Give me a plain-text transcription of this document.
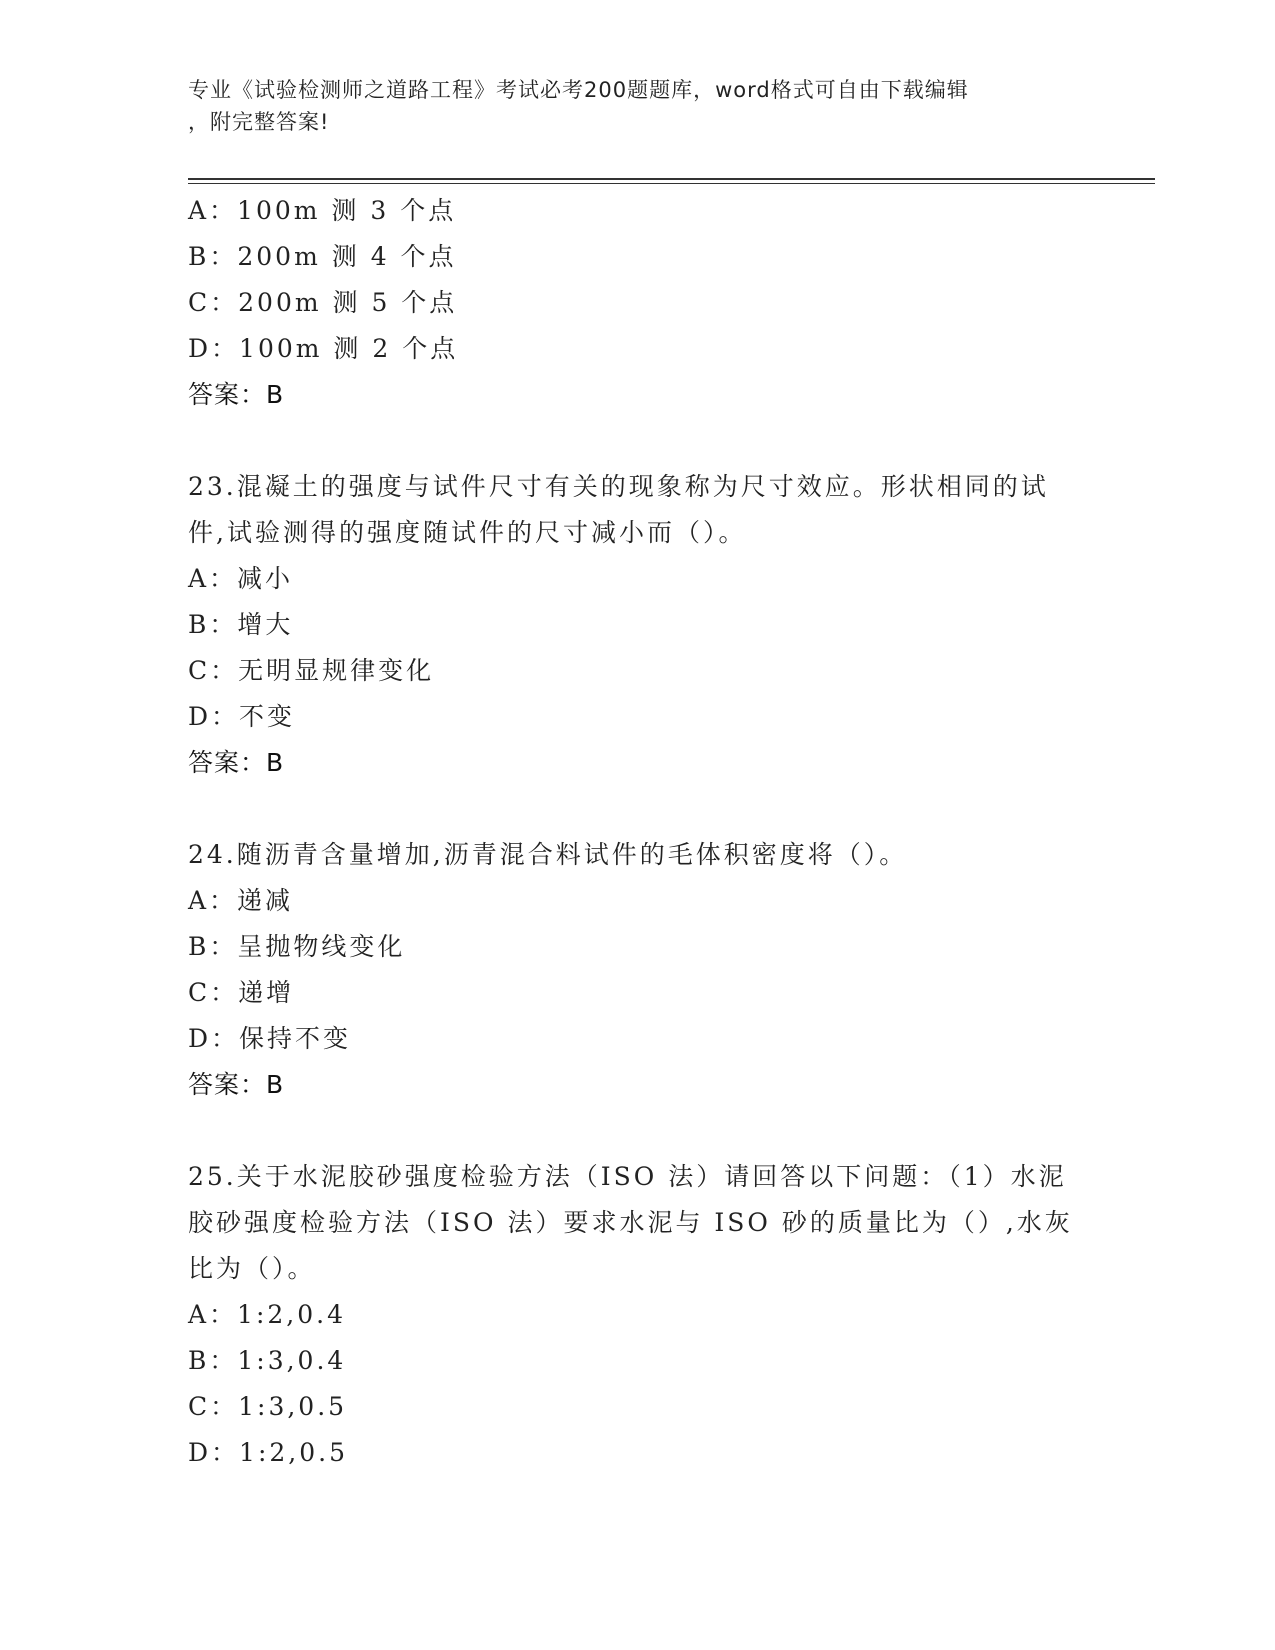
专业《试验检测师之道路工程》考试必考200题题库，word格式可自由下载编辑
，附完整答案!
A：100m 测 3 个点
B：200m 测 4 个点
C：200m 测 5 个点
D：100m 测 2 个点
答案：B
23.混凝土的强度与试件尺寸有关的现象称为尺寸效应。形状相同的试
件,试验测得的强度随试件的尺寸减小而（）。
A：减小
B：增大
C：无明显规律变化
D：不变
答案：B
24.随沥青含量增加,沥青混合料试件的毛体积密度将（）。
A：递减
B：呈抛物线变化
C：递增
D：保持不变
答案：B
25.关于水泥胶砂强度检验方法（ISO 法）请回答以下问题：（1）水泥
胶砂强度检验方法（ISO 法）要求水泥与 ISO 砂的质量比为（）,水灰
比为（）。
A：1:2,0.4
B：1:3,0.4
C：1:3,0.5
D：1:2,0.5
